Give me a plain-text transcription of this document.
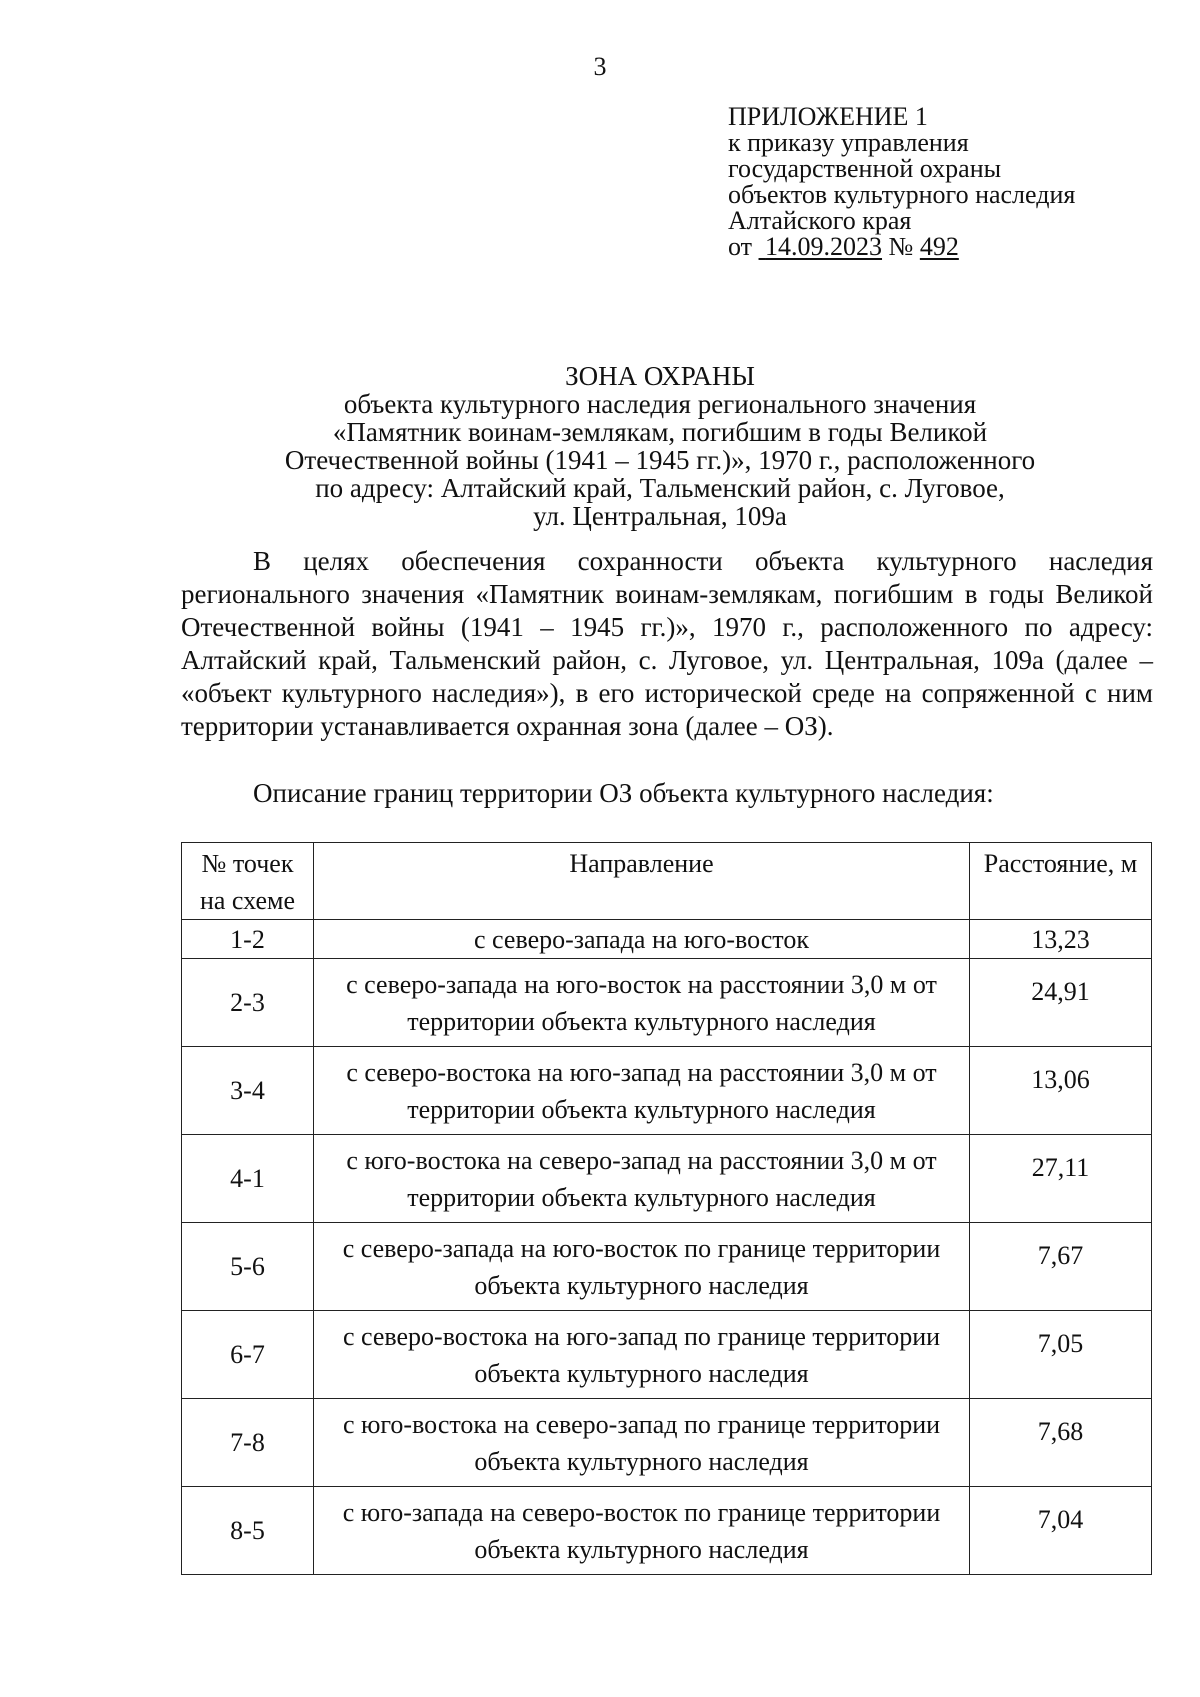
3
ПРИЛОЖЕНИЕ 1
к приказу управления
государственной охраны
объектов культурного наследия
Алтайского края
от 14.09.2023 № 492
ЗОНА ОХРАНЫ
объекта культурного наследия регионального значения
«Памятник воинам-землякам, погибшим в годы Великой
Отечественной войны (1941 – 1945 гг.)», 1970 г., расположенного
по адресу: Алтайский край, Тальменский район, с. Луговое,
ул. Центральная, 109а

В целях обеспечения сохранности объекта культурного наследия регионального значения «Памятник воинам-землякам, погибшим в годы Великой Отечественной войны (1941 – 1945 гг.)», 1970 г., расположенного по адресу: Алтайский край, Тальменский район, с. Луговое, ул. Центральная, 109а (далее – «объект культурного наследия»), в его исторической среде на сопряженной с ним территории устанавливается охранная зона (далее – ОЗ).

Описание границ территории ОЗ объекта культурного наследия:
№ точек на схеме	Направление	Расстояние, м
1-2	с северо-запада на юго-восток	13,23
2-3	с северо-запада на юго-восток на расстоянии 3,0 м от территории объекта культурного наследия	24,91
3-4	с северо-востока на юго-запад на расстоянии 3,0 м от территории объекта культурного наследия	13,06
4-1	с юго-востока на северо-запад на расстоянии 3,0 м от территории объекта культурного наследия	27,11
5-6	с северо-запада на юго-восток по границе территории объекта культурного наследия	7,67
6-7	с северо-востока на юго-запад по границе территории объекта культурного наследия	7,05
7-8	с юго-востока на северо-запад по границе территории объекта культурного наследия	7,68
8-5	с юго-запада на северо-восток по границе территории объекта культурного наследия	7,04
